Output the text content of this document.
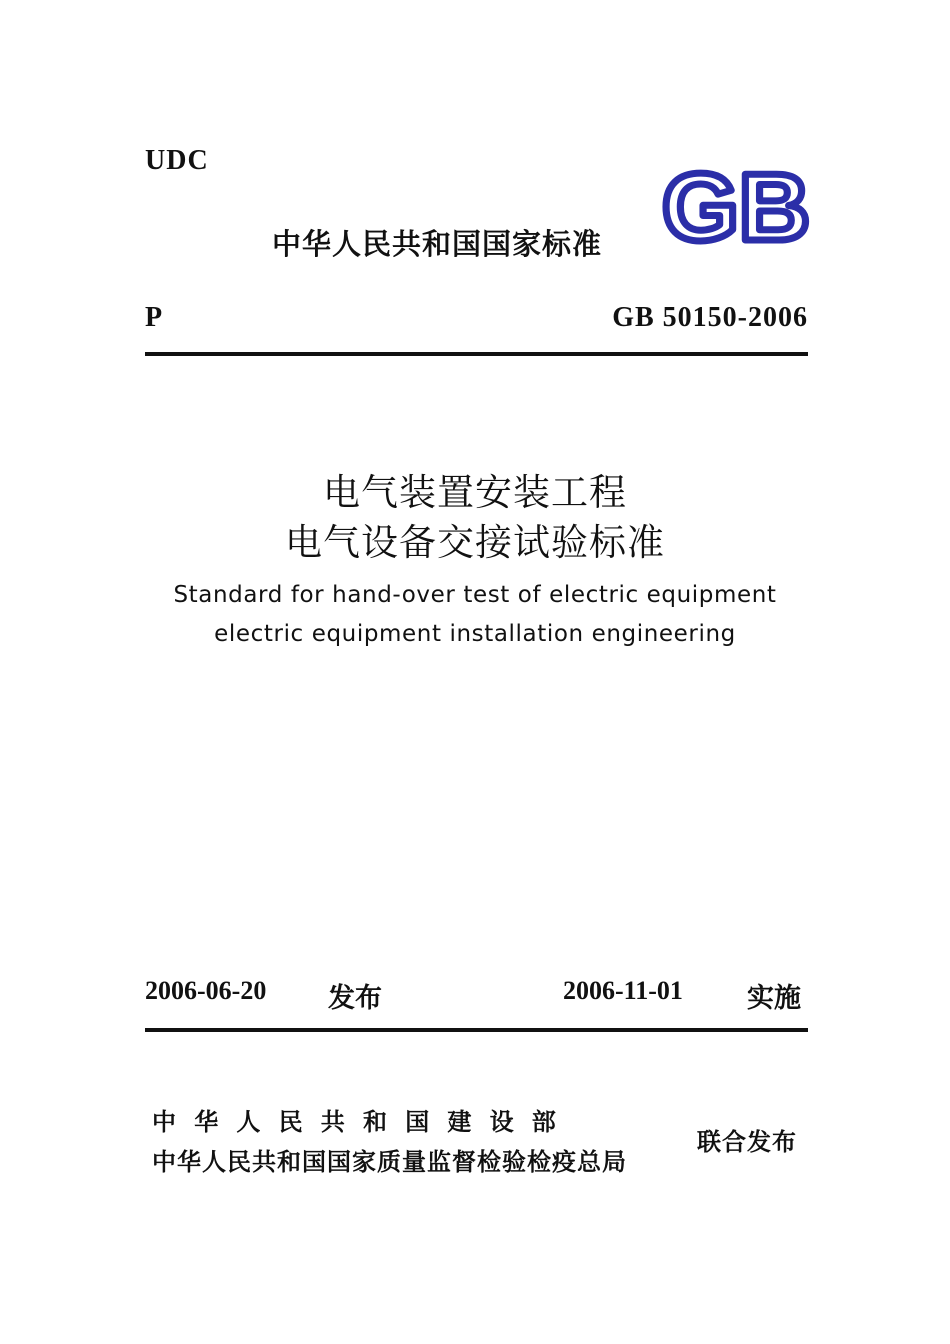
UDC
中华人民共和国国家标准 GB
P	GB 50150-2006
电气装置安装工程
电气设备交接试验标准
Standard for hand-over test of electric equipment
electric equipment installation engineering
2006-06-20 发布	2006-11-01 实施
中华人民共和国建设部
中华人民共和国国家质量监督检验检疫总局
联合发布
